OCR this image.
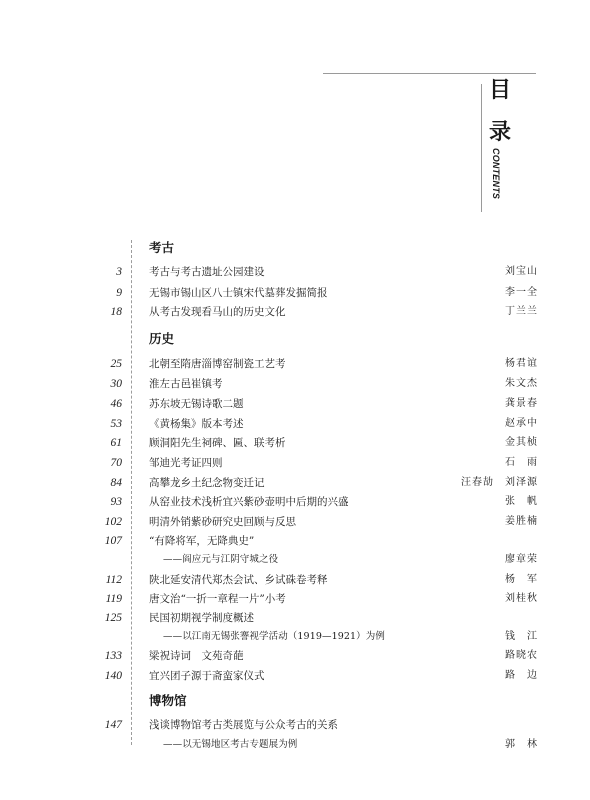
目
录
CONTENTS
考古
3	考古与考古遗址公园建设	刘宝山
9	无锡市锡山区八士镇宋代墓葬发掘简报	李一全
18	从考古发现看马山的历史文化	丁兰兰
历史
25	北朝至隋唐淄博窑制瓷工艺考	杨君谊
30	淮左古邑崔镇考	朱文杰
46	苏东坡无锡诗歌二题	龚景春
53	《黄杨集》版本考述	赵承中
61	顾洞阳先生祠碑、匾、联考析	金其桢
70	邹迪光考证四则	石　雨
84	高攀龙乡土纪念物变迁记	汪春劼　刘泽源
93	从窑业技术浅析宜兴紫砂壶明中后期的兴盛	张　帆
102	明清外销紫砂研究史回顾与反思	姜胜楠
107	“有降将军，无降典史”
——阎应元与江阴守城之役	廖章荣
112	陕北延安清代郑杰会试、乡试硃卷考释	杨　军
119	唐文治“一折一章程一片”小考	刘桂秋
125	民国初期视学制度概述
——以江南无锡张謇视学活动（1919—1921）为例	钱　江
133	梁祝诗词　文苑奇葩	路晓农
140	宜兴团子源于斋蛮家仪式	路　边
博物馆
147	浅谈博物馆考古类展览与公众考古的关系
——以无锡地区考古专题展为例	郭　林
